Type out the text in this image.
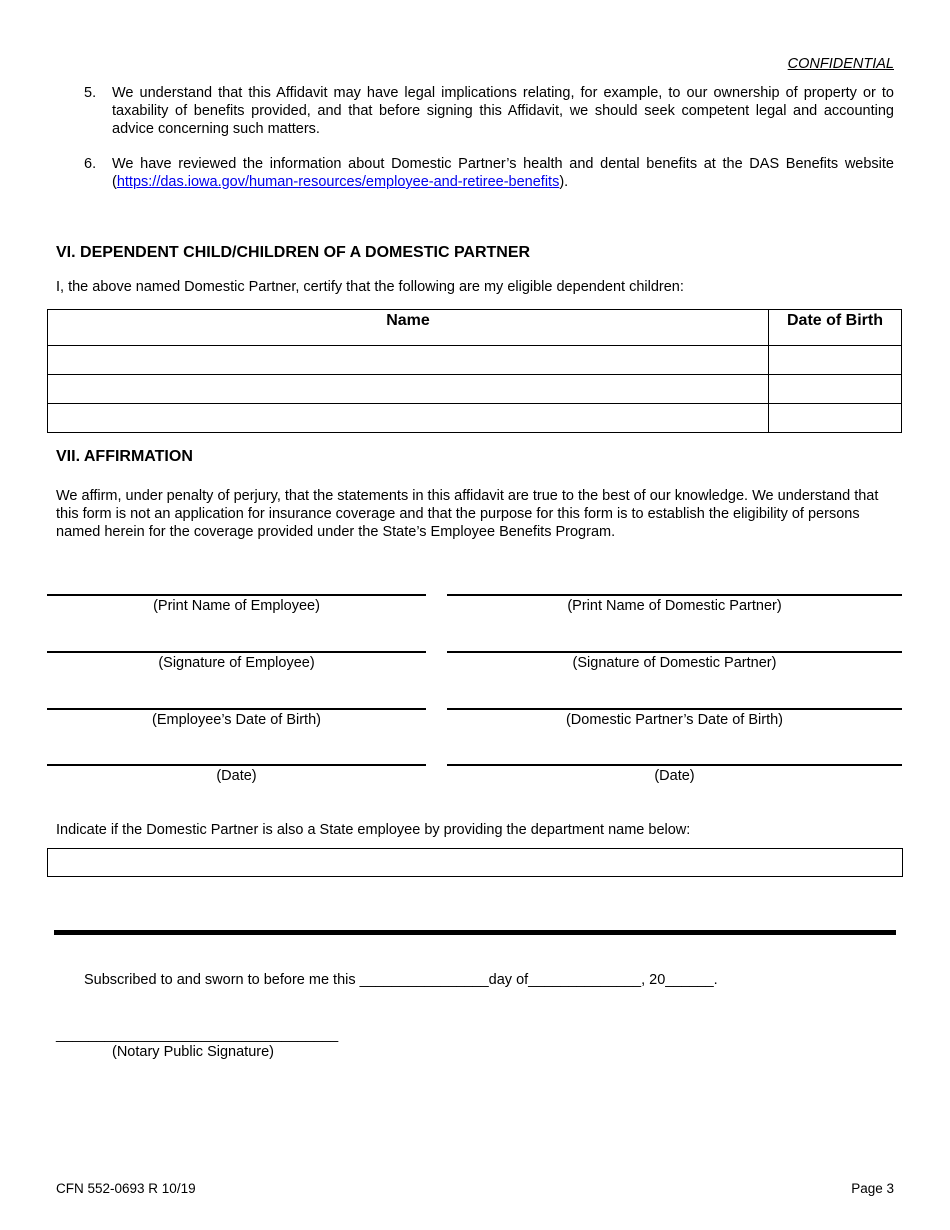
CONFIDENTIAL
5. We understand that this Affidavit may have legal implications relating, for example, to our ownership of property or to taxability of benefits provided, and that before signing this Affidavit, we should seek competent legal and accounting advice concerning such matters.
6. We have reviewed the information about Domestic Partner’s health and dental benefits at the DAS Benefits website (https://das.iowa.gov/human-resources/employee-and-retiree-benefits).
VI. DEPENDENT CHILD/CHILDREN OF A DOMESTIC PARTNER
I, the above named Domestic Partner, certify that the following are my eligible dependent children:
Name	Date of Birth

VII. AFFIRMATION
We affirm, under penalty of perjury, that the statements in this affidavit are true to the best of our knowledge. We understand that this form is not an application for insurance coverage and that the purpose for this form is to establish the eligibility of persons named herein for the coverage provided under the State’s Employee Benefits Program.
(Print Name of Employee)
(Signature of Employee)
(Employee’s Date of Birth)
(Date)
(Print Name of Domestic Partner)
(Signature of Domestic Partner)
(Domestic Partner’s Date of Birth)
(Date)
Indicate if the Domestic Partner is also a State employee by providing the department name below:
Subscribed to and sworn to before me this ________________day of______________, 20______.
___________________________________
(Notary Public Signature)
CFN 552-0693 R 10/19	Page 3
